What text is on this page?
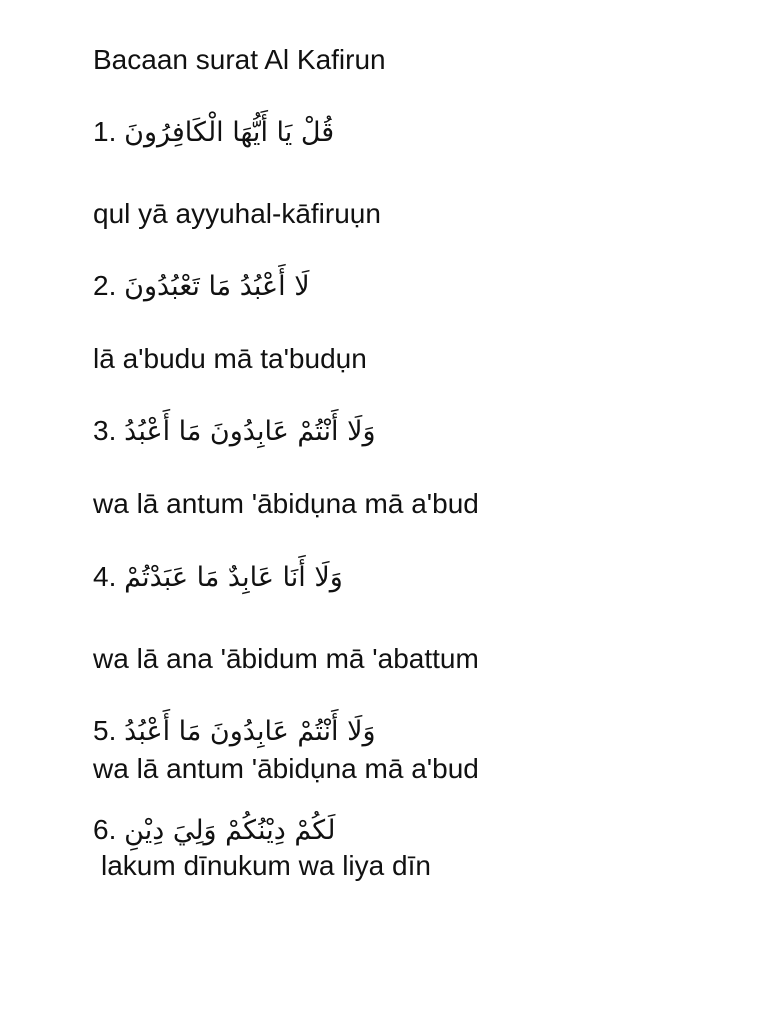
Bacaan surat Al Kafirun
1. قُلْ يَا أَيُّهَا الْكَافِرُونَ
qul yā ayyuhal-kāfiruụn
2. لَا أَعْبُدُ مَا تَعْبُدُونَ
lā a'budu mā ta'budụn
3. وَلَا أَنْتُمْ عَابِدُونَ مَا أَعْبُدُ
wa lā antum 'ābidụna mā a'bud
4. وَلَا أَنَا عَابِدٌ مَا عَبَدْتُمْ
wa lā ana 'ābidum mā 'abattum
5. وَلَا أَنْتُمْ عَابِدُونَ مَا أَعْبُدُ
wa lā antum 'ābidụna mā a'bud
6. لَكُمْ دِيْنُكُمْ وَلِيَ دِيْنِ
lakum dīnukum wa liya dīn
